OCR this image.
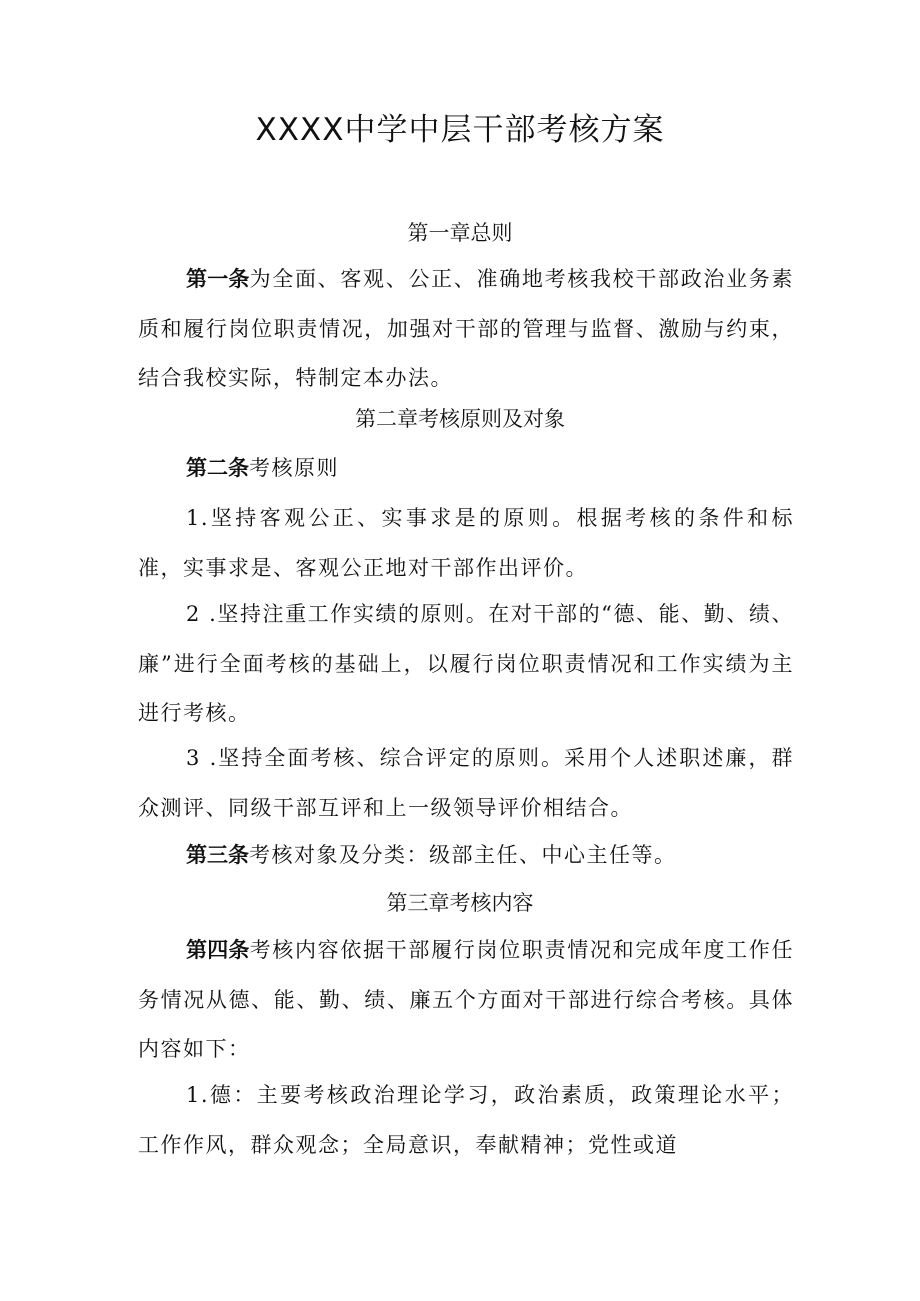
XXXX中学中层干部考核方案
第一章总则

第一条为全面、客观、公正、准确地考核我校干部政治业务素质和履行岗位职责情况，加强对干部的管理与监督、激励与约束，结合我校实际，特制定本办法。

第二章考核原则及对象

第二条考核原则

1.坚持客观公正、实事求是的原则。根据考核的条件和标准，实事求是、客观公正地对干部作出评价。

2 .坚持注重工作实绩的原则。在对干部的“德、能、勤、绩、廉”进行全面考核的基础上，以履行岗位职责情况和工作实绩为主进行考核。

3 .坚持全面考核、综合评定的原则。采用个人述职述廉，群众测评、同级干部互评和上一级领导评价相结合。

第三条考核对象及分类：级部主任、中心主任等。

第三章考核内容

第四条考核内容依据干部履行岗位职责情况和完成年度工作任务情况从德、能、勤、绩、廉五个方面对干部进行综合考核。具体内容如下：

1.德：主要考核政治理论学习，政治素质，政策理论水平；工作作风，群众观念；全局意识，奉献精神；党性或道
